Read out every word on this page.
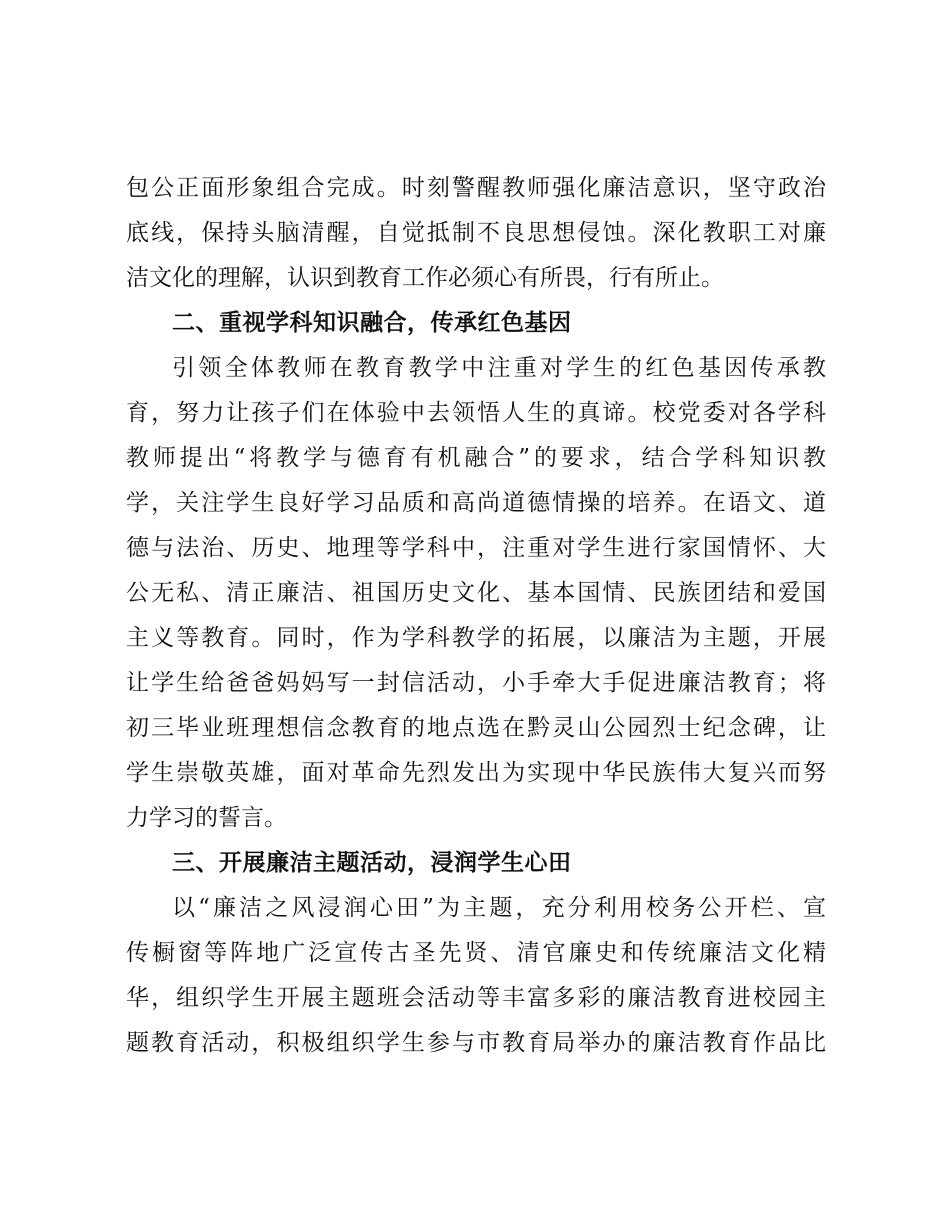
包公正面形象组合完成。时刻警醒教师强化廉洁意识，坚守政治
底线，保持头脑清醒，自觉抵制不良思想侵蚀。深化教职工对廉
洁文化的理解，认识到教育工作必须心有所畏，行有所止。
二、重视学科知识融合，传承红色基因
引领全体教师在教育教学中注重对学生的红色基因传承教
育，努力让孩子们在体验中去领悟人生的真谛。校党委对各学科
教师提出“将教学与德育有机融合”的要求，结合学科知识教
学，关注学生良好学习品质和高尚道德情操的培养。在语文、道
德与法治、历史、地理等学科中，注重对学生进行家国情怀、大
公无私、清正廉洁、祖国历史文化、基本国情、民族团结和爱国
主义等教育。同时，作为学科教学的拓展，以廉洁为主题，开展
让学生给爸爸妈妈写一封信活动，小手牵大手促进廉洁教育；将
初三毕业班理想信念教育的地点选在黔灵山公园烈士纪念碑，让
学生崇敬英雄，面对革命先烈发出为实现中华民族伟大复兴而努
力学习的誓言。
三、开展廉洁主题活动，浸润学生心田
以“廉洁之风浸润心田”为主题，充分利用校务公开栏、宣
传橱窗等阵地广泛宣传古圣先贤、清官廉史和传统廉洁文化精
华，组织学生开展主题班会活动等丰富多彩的廉洁教育进校园主
题教育活动，积极组织学生参与市教育局举办的廉洁教育作品比
